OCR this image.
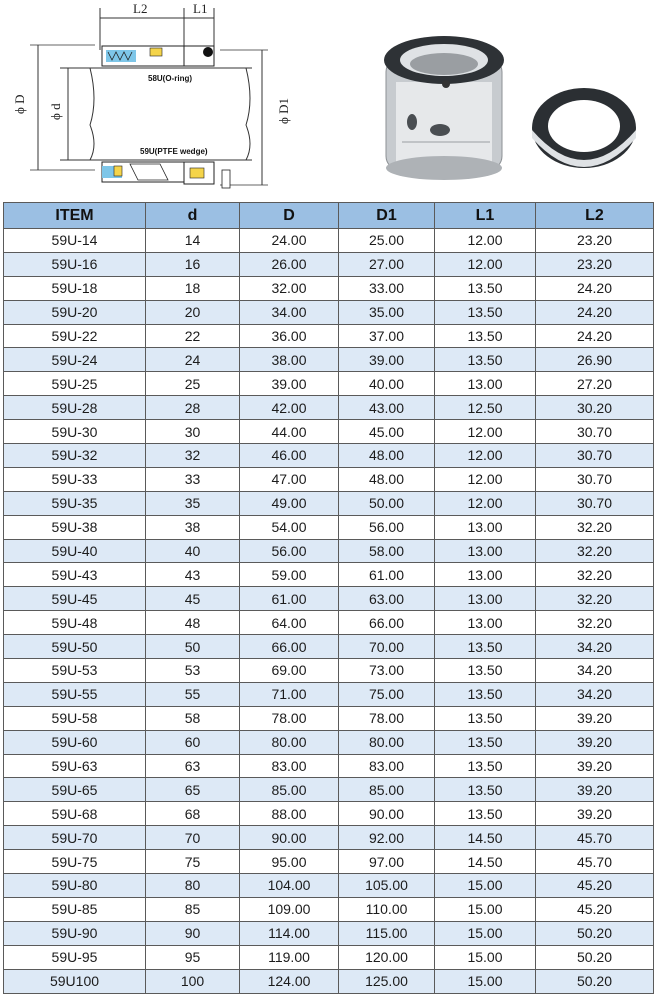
L2	L1
ϕ D ϕ d	ϕ D1
58U(O-ring)
59U(PTFE wedge)
ITEM	d	D	D1	L1	L2
59U-14	14	24.00	25.00	12.00	23.20
59U-16	16	26.00	27.00	12.00	23.20
59U-18	18	32.00	33.00	13.50	24.20
59U-20	20	34.00	35.00	13.50	24.20
59U-22	22	36.00	37.00	13.50	24.20
59U-24	24	38.00	39.00	13.50	26.90
59U-25	25	39.00	40.00	13.00	27.20
59U-28	28	42.00	43.00	12.50	30.20
59U-30	30	44.00	45.00	12.00	30.70
59U-32	32	46.00	48.00	12.00	30.70
59U-33	33	47.00	48.00	12.00	30.70
59U-35	35	49.00	50.00	12.00	30.70
59U-38	38	54.00	56.00	13.00	32.20
59U-40	40	56.00	58.00	13.00	32.20
59U-43	43	59.00	61.00	13.00	32.20
59U-45	45	61.00	63.00	13.00	32.20
59U-48	48	64.00	66.00	13.00	32.20
59U-50	50	66.00	70.00	13.50	34.20
59U-53	53	69.00	73.00	13.50	34.20
59U-55	55	71.00	75.00	13.50	34.20
59U-58	58	78.00	78.00	13.50	39.20
59U-60	60	80.00	80.00	13.50	39.20
59U-63	63	83.00	83.00	13.50	39.20
59U-65	65	85.00	85.00	13.50	39.20
59U-68	68	88.00	90.00	13.50	39.20
59U-70	70	90.00	92.00	14.50	45.70
59U-75	75	95.00	97.00	14.50	45.70
59U-80	80	104.00	105.00	15.00	45.20
59U-85	85	109.00	110.00	15.00	45.20
59U-90	90	114.00	115.00	15.00	50.20
59U-95	95	119.00	120.00	15.00	50.20
59U100	100	124.00	125.00	15.00	50.20
